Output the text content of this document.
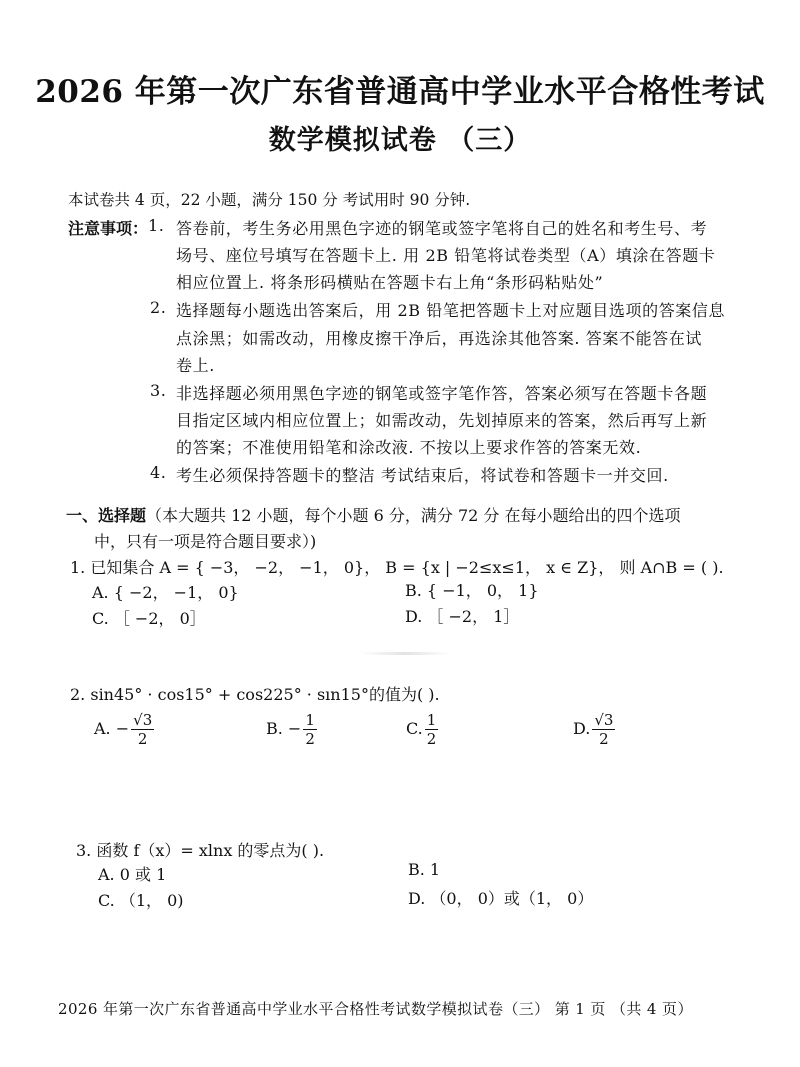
2026 年第一次广东省普通高中学业水平合格性考试
数学模拟试卷 （三）
本试卷共 4 页，22 小题，满分 150 分 考试用时 90 分钟.
注意事项： 1. 答卷前，考生务必用黑色字迹的钢笔或签字笔将自己的姓名和考生号、考
场号、座位号填写在答题卡上. 用 2B 铅笔将试卷类型（A）填涂在答题卡
相应位置上. 将条形码横贴在答题卡右上角“条形码粘贴处”
2. 选择题每小题选出答案后，用 2B 铅笔把答题卡上对应题目选项的答案信息
点涂黑；如需改动，用橡皮擦干净后，再选涂其他答案. 答案不能答在试
卷上.
3. 非选择题必须用黑色字迹的钢笔或签字笔作答，答案必须写在答题卡各题
目指定区域内相应位置上；如需改动，先划掉原来的答案，然后再写上新
的答案；不准使用铅笔和涂改液. 不按以上要求作答的答案无效.
4. 考生必须保持答题卡的整洁 考试结束后，将试卷和答题卡一并交回.
一、选择题（本大题共 12 小题，每个小题 6 分，满分 72 分 在每小题给出的四个选项
中，只有一项是符合题目要求）)
1. 已知集合 A = { −3， −2， −1， 0}， B = {x | −2≤x≤1， x ∈ Z}， 则 A∩B = ( ).
A. { −2， −1， 0}	B. { −1， 0， 1}
C. ［ −2， 0］	D. ［ −2， 1］
2. sin45° · cos15° + cos225° · sın15°的值为( ).
A. − $\frac{√3}{2}$	B. − $\frac{1}{2}$	C. $\frac{1}{2}$	D. $\frac{√3}{2}$
3. 函数 f（x）= xlnx 的零点为( ).
A. 0 或 1	B. 1
C. （1， 0)	D. （0， 0）或（1， 0）
2026 年第一次广东省普通高中学业水平合格性考试数学模拟试卷（三） 第 1 页 （共 4 页）
